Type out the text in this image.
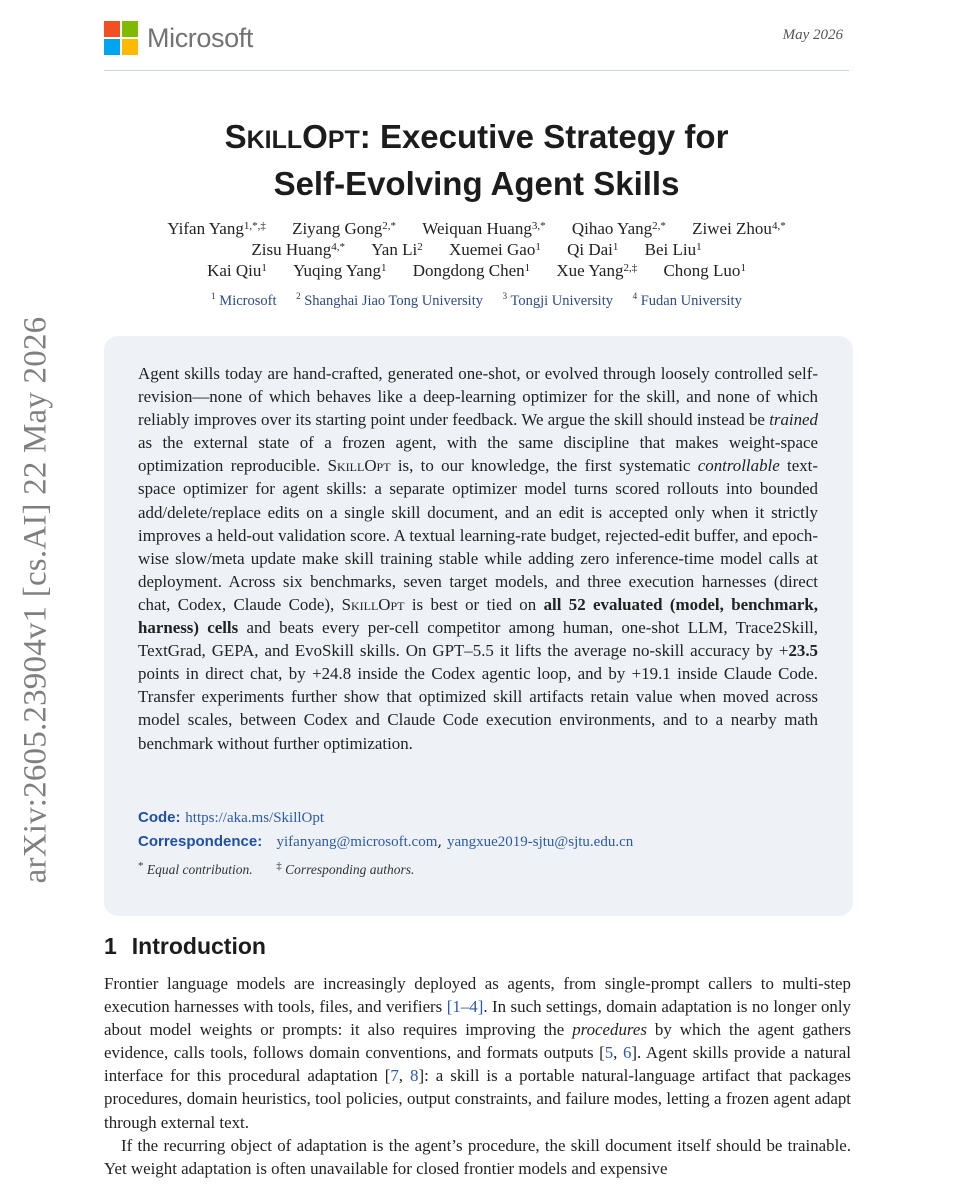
arXiv:2605.23904v1 [cs.AI] 22 May 2026
Microsoft	May 2026
SKILLOPT: Executive Strategy for
Self-Evolving Agent Skills
Yifan Yang$^{1,*,\ddagger}$ Ziyang Gong$^{2,*}$ Weiquan Huang$^{3,*}$ Qihao Yang$^{2,*}$ Ziwei Zhou$^{4,*}$
Zisu Huang$^{4,*}$ Yan Li$^2$ Xuemei Gao$^1$ Qi Dai$^1$ Bei Liu$^1$
Kai Qiu$^1$ Yuqing Yang$^1$ Dongdong Chen$^1$ Xue Yang$^{2,\ddagger}$ Chong Luo$^1$
$^1$ Microsoft $^2$ Shanghai Jiao Tong University $^3$ Tongji University $^4$ Fudan University

Agent skills today are hand-crafted, generated one-shot, or evolved through loosely controlled self-revision—none of which behaves like a deep-learning optimizer for the skill, and none of which reliably improves over its starting point under feedback. We argue the skill should instead be trained as the external state of a frozen agent, with the same discipline that makes weight-space optimization reproducible. SkillOpt is, to our knowledge, the first systematic controllable text-space optimizer for agent skills: a separate optimizer model turns scored rollouts into bounded add/delete/replace edits on a single skill document, and an edit is accepted only when it strictly improves a held-out validation score. A textual learning-rate budget, rejected-edit buffer, and epoch-wise slow/meta update make skill training stable while adding zero inference-time model calls at deployment. Across six benchmarks, seven target models, and three execution harnesses (direct chat, Codex, Claude Code), SkillOpt is best or tied on all 52 evaluated (model, benchmark, harness) cells and beats every per-cell competitor among human, one-shot LLM, Trace2Skill, TextGrad, GEPA, and EvoSkill skills. On GPT–5.5 it lifts the average no-skill accuracy by +23.5 points in direct chat, by +24.8 inside the Codex agentic loop, and by +19.1 inside Claude Code. Transfer experiments further show that optimized skill artifacts retain value when moved across model scales, between Codex and Claude Code execution environments, and to a nearby math benchmark without further optimization.

Code: https://aka.ms/SkillOpt
Correspondence: yifanyang@microsoft.com, yangxue2019-sjtu@sjtu.edu.cn
* Equal contribution. ‡ Corresponding authors.
1 Introduction

Frontier language models are increasingly deployed as agents, from single-prompt callers to multi-step execution harnesses with tools, files, and verifiers [1–4]. In such settings, domain adaptation is no longer only about model weights or prompts: it also requires improving the procedures by which the agent gathers evidence, calls tools, follows domain conventions, and formats outputs [5, 6]. Agent skills provide a natural interface for this procedural adaptation [7, 8]: a skill is a portable natural-language artifact that packages procedures, domain heuristics, tool policies, output constraints, and failure modes, letting a frozen agent adapt through external text.

If the recurring object of adaptation is the agent’s procedure, the skill document itself should be trainable. Yet weight adaptation is often unavailable for closed frontier models and expensive
